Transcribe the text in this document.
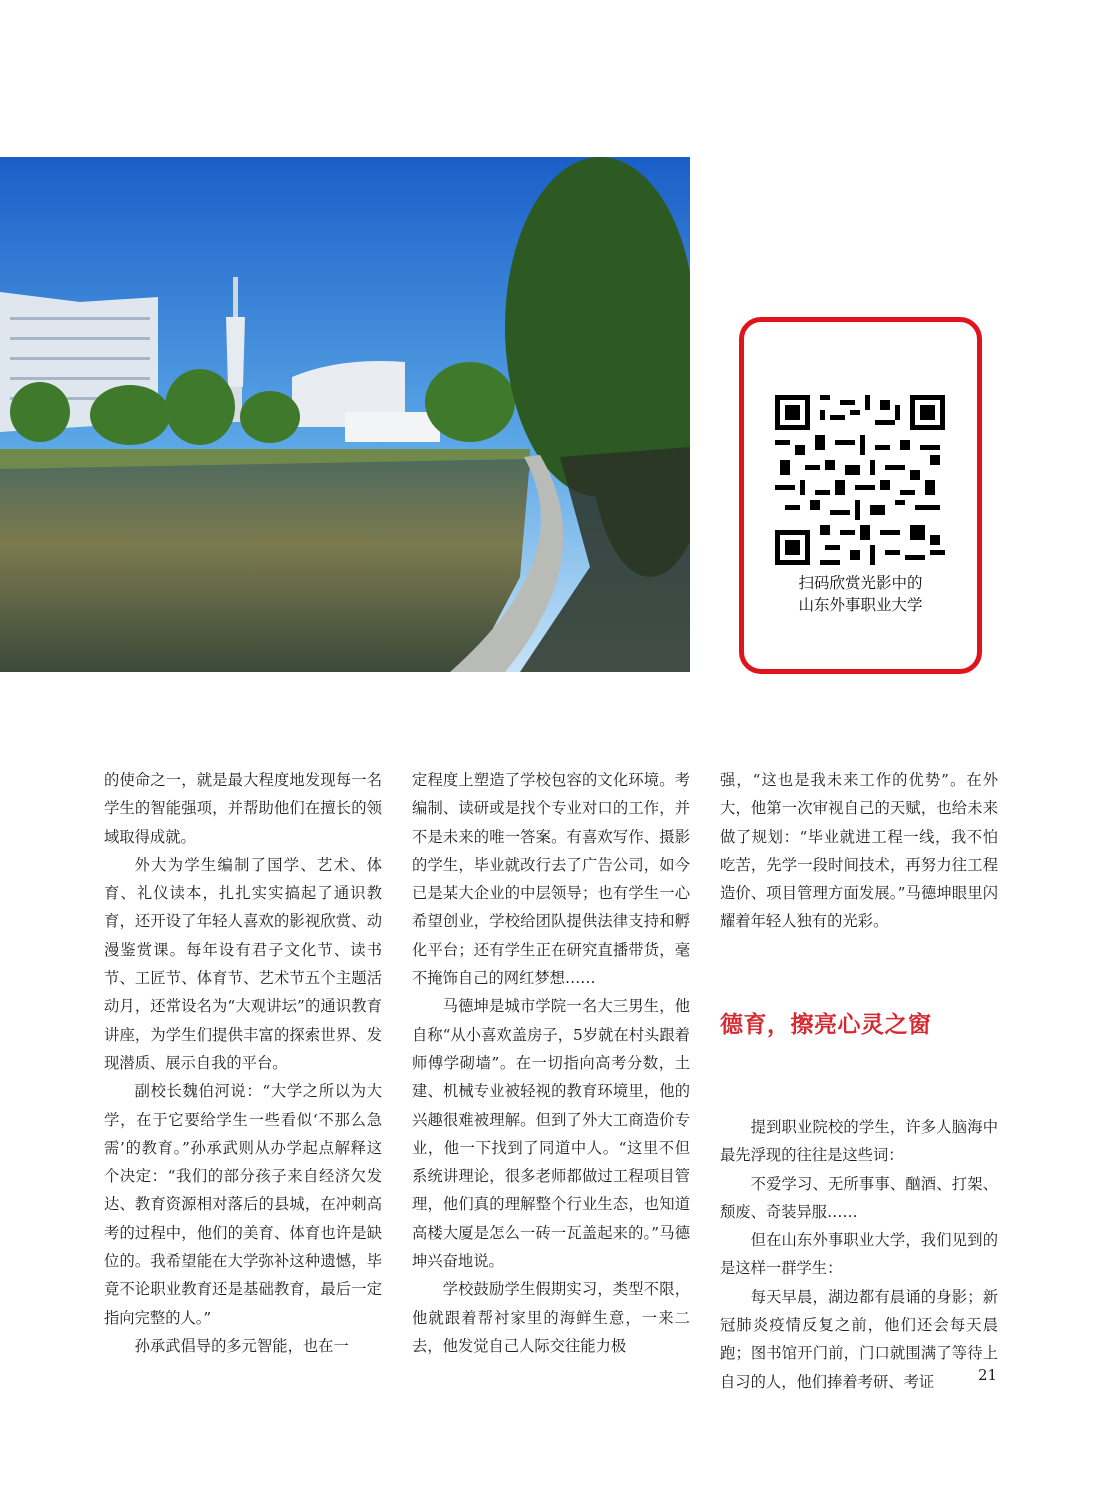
扫码欣赏光影中的
山东外事职业大学

的使命之一，就是最大程度地发现每一名学生的智能强项，并帮助他们在擅长的领域取得成就。

外大为学生编制了国学、艺术、体育、礼仪读本，扎扎实实搞起了通识教育，还开设了年轻人喜欢的影视欣赏、动漫鉴赏课。每年设有君子文化节、读书节、工匠节、体育节、艺术节五个主题活动月，还常设名为“大观讲坛”的通识教育讲座，为学生们提供丰富的探索世界、发现潜质、展示自我的平台。

副校长魏伯河说：“大学之所以为大学，在于它要给学生一些看似‘不那么急需’的教育。”孙承武则从办学起点解释这个决定：“我们的部分孩子来自经济欠发达、教育资源相对落后的县城，在冲刺高考的过程中，他们的美育、体育也许是缺位的。我希望能在大学弥补这种遗憾，毕竟不论职业教育还是基础教育，最后一定指向完整的人。”

孙承武倡导的多元智能，也在一

定程度上塑造了学校包容的文化环境。考编制、读研或是找个专业对口的工作，并不是未来的唯一答案。有喜欢写作、摄影的学生，毕业就改行去了广告公司，如今已是某大企业的中层领导；也有学生一心希望创业，学校给团队提供法律支持和孵化平台；还有学生正在研究直播带货，毫不掩饰自己的网红梦想……

马德坤是城市学院一名大三男生，他自称“从小喜欢盖房子，5岁就在村头跟着师傅学砌墙”。在一切指向高考分数，土建、机械专业被轻视的教育环境里，他的兴趣很难被理解。但到了外大工商造价专业，他一下找到了同道中人。“这里不但系统讲理论，很多老师都做过工程项目管理，他们真的理解整个行业生态，也知道高楼大厦是怎么一砖一瓦盖起来的。”马德坤兴奋地说。

学校鼓励学生假期实习，类型不限，他就跟着帮衬家里的海鲜生意，一来二去，他发觉自己人际交往能力极

强，“这也是我未来工作的优势”。在外大，他第一次审视自己的天赋，也给未来做了规划：“毕业就进工程一线，我不怕吃苦，先学一段时间技术，再努力往工程造价、项目管理方面发展。”马德坤眼里闪耀着年轻人独有的光彩。

德育，擦亮心灵之窗

提到职业院校的学生，许多人脑海中最先浮现的往往是这些词：

不爱学习、无所事事、酗酒、打架、颓废、奇装异服……

但在山东外事职业大学，我们见到的是这样一群学生：

每天早晨，湖边都有晨诵的身影；新冠肺炎疫情反复之前，他们还会每天晨跑；图书馆开门前，门口就围满了等待上自习的人，他们捧着考研、考证	21
